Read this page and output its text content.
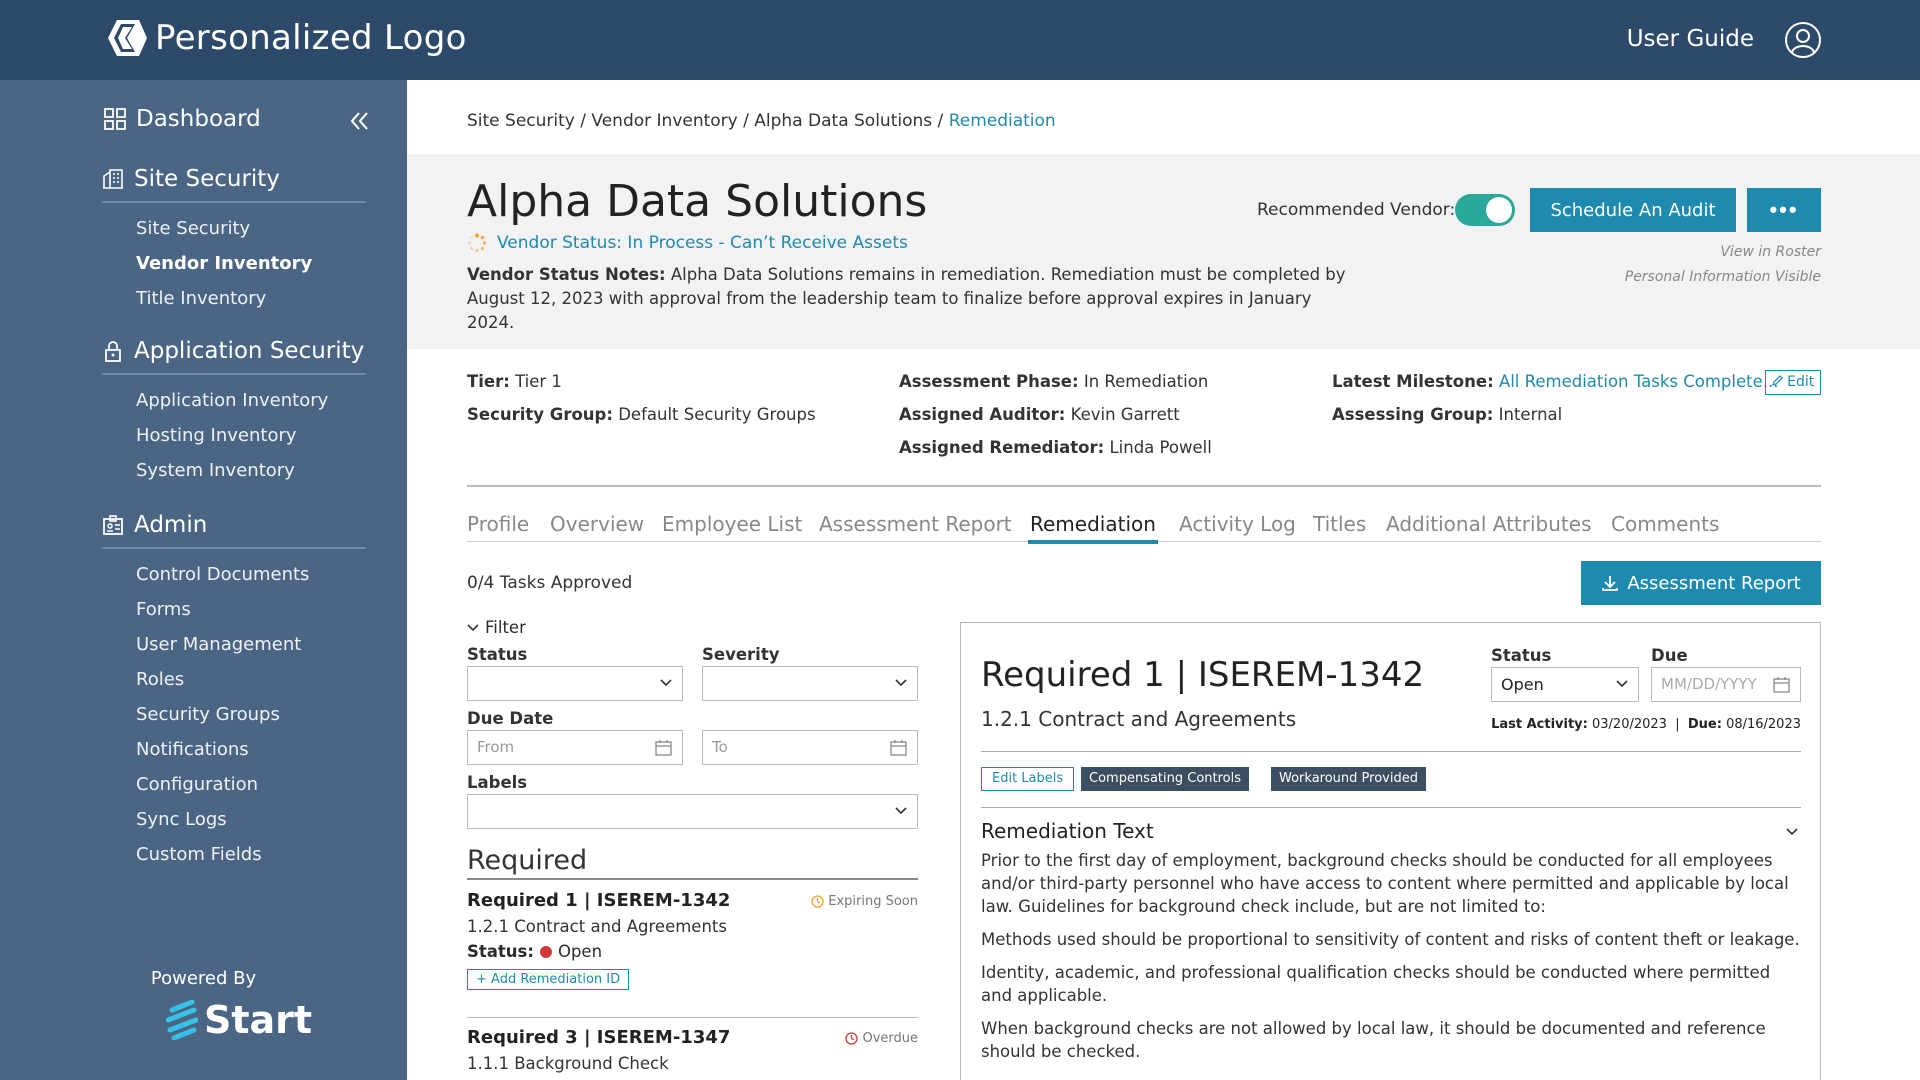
Personalized Logo	User Guide
Dashboard
Site Security
Site Security
Vendor Inventory
Title Inventory
Application Security
Application Inventory
Hosting Inventory
System Inventory
Admin
Control Documents
Forms
User Management
Roles
Security Groups
Notifications
Configuration
Sync Logs
Custom Fields
Powered By
Start
Site Security / Vendor Inventory / Alpha Data Solutions / Remediation
Alpha Data Solutions
Vendor Status: In Process - Can’t Receive Assets
Vendor Status Notes: Alpha Data Solutions remains in remediation. Remediation must be completed by August 12, 2023 with approval from the leadership team to finalize before approval expires in January 2024.
Recommended Vendor:	Schedule An Audit	•••
View in Roster
Personal Information Visible
Tier: Tier 1
Security Group: Default Security Groups
Assessment Phase: In Remediation
Assigned Auditor: Kevin Garrett
Assigned Remediator: Linda Powell
Latest Milestone: All Remediation Tasks Complete...
Assessing Group: Internal
Edit
Profile Overview Employee List Assessment Report Remediation Activity Log Titles Additional Attributes Comments
0/4 Tasks Approved	Assessment Report
Filter
Status	Severity
Due Date
From	To
Labels
Required
Required 1 | ISEREM-1342	Expiring Soon
1.2.1 Contract and Agreements
Status: Open
+ Add Remediation ID
Required 3 | ISEREM-1347	Overdue
1.1.1 Background Check
Required 1 | ISEREM-1342
1.2.1 Contract and Agreements
Status
Open
Due
MM/DD/YYYY
Last Activity: 03/20/2023  |  Due: 08/16/2023
Edit Labels	Compensating Controls	Workaround Provided
Remediation Text

Prior to the first day of employment, background checks should be conducted for all employees and/or third-party personnel who have access to content where permitted and applicable by local law. Guidelines for background check include, but are not limited to:

Methods used should be proportional to sensitivity of content and risks of content theft or leakage.

Identity, academic, and professional qualification checks should be conducted where permitted and applicable.

When background checks are not allowed by local law, it should be documented and reference should be checked.
